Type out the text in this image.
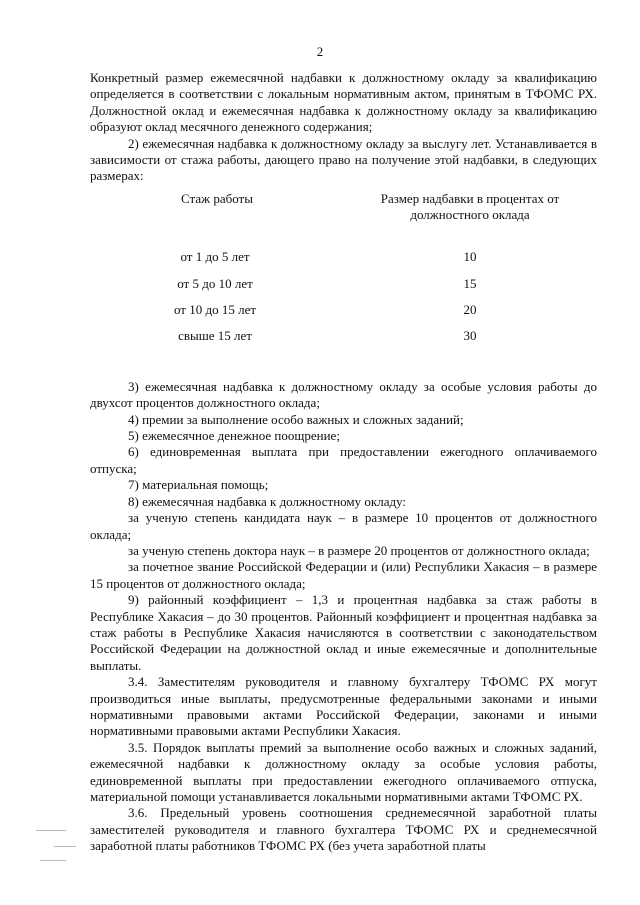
2

Конкретный размер ежемесячной надбавки к должностному окладу за квалификацию определяется в соответствии с локальным нормативным актом, принятым в ТФОМС РХ. Должностной оклад и ежемесячная надбавка к должностному окладу за квалификацию образуют оклад месячного денежного содержания;

2) ежемесячная надбавка к должностному окладу за выслугу лет. Устанавливается в зависимости от стажа работы, дающего право на получение этой надбавки, в следующих размерах:

Стаж работы	Размер надбавки в процентах от должностного оклада
от 1 до 5 лет	10
от 5 до 10 лет	15
от 10 до 15 лет	20
свыше 15 лет	30

3) ежемесячная надбавка к должностному окладу за особые условия работы до двухсот процентов должностного оклада;

4) премии за выполнение особо важных и сложных заданий;

5) ежемесячное денежное поощрение;

6) единовременная выплата при предоставлении ежегодного оплачиваемого отпуска;

7) материальная помощь;

8) ежемесячная надбавка к должностному окладу:

за ученую степень кандидата наук – в размере 10 процентов от должностного оклада;

за ученую степень доктора наук – в размере 20 процентов от должностного оклада;

за почетное звание Российской Федерации и (или) Республики Хакасия – в размере 15 процентов от должностного оклада;

9) районный коэффициент – 1,3 и процентная надбавка за стаж работы в Республике Хакасия – до 30 процентов. Районный коэффициент и процентная надбавка за стаж работы в Республике Хакасия начисляются в соответствии с законодательством Российской Федерации на должностной оклад и иные ежемесячные и дополнительные выплаты.

3.4. Заместителям руководителя и главному бухгалтеру ТФОМС РХ могут производиться иные выплаты, предусмотренные федеральными законами и иными нормативными правовыми актами Российской Федерации, законами и иными нормативными правовыми актами Республики Хакасия.

3.5. Порядок выплаты премий за выполнение особо важных и сложных заданий, ежемесячной надбавки к должностному окладу за особые условия работы, единовременной выплаты при предоставлении ежегодного оплачиваемого отпуска, материальной помощи устанавливается локальными нормативными актами ТФОМС РХ.

3.6. Предельный уровень соотношения среднемесячной заработной платы заместителей руководителя и главного бухгалтера ТФОМС РХ и среднемесячной заработной платы работников ТФОМС РХ (без учета заработной платы
